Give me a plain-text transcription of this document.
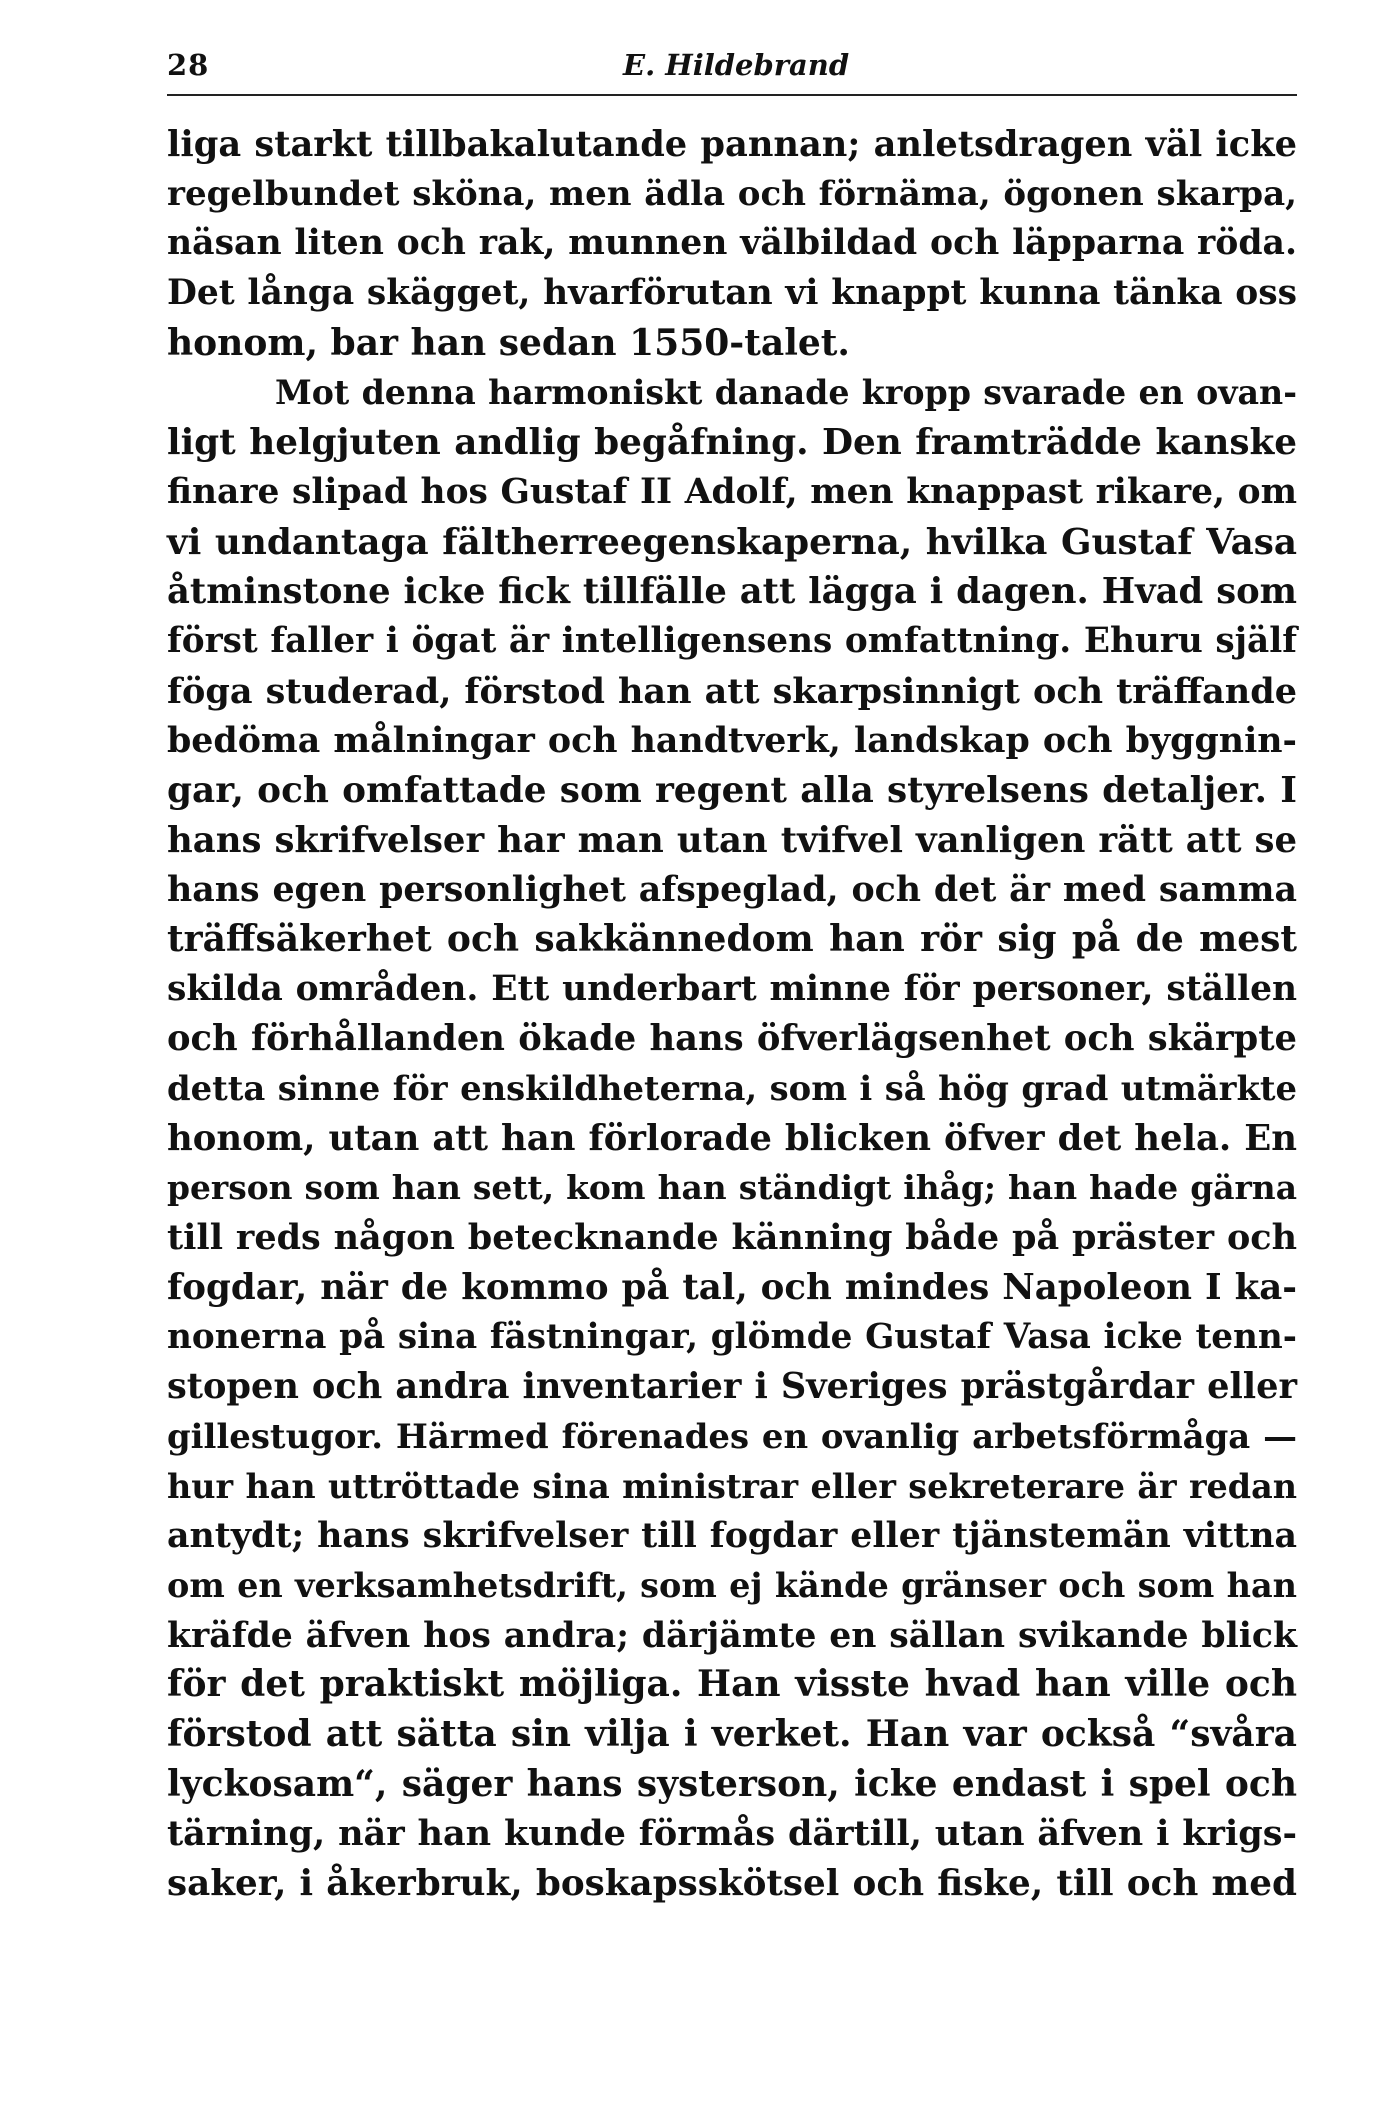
28	E. Hildebrand
liga starkt tillbakalutande pannan; anletsdragen väl icke
regelbundet sköna, men ädla och förnäma, ögonen skarpa,
näsan liten och rak, munnen välbildad och läpparna röda.
Det långa skägget, hvarförutan vi knappt kunna tänka oss
honom, bar han sedan 1550-talet.
Mot denna harmoniskt danade kropp svarade en ovan-
ligt helgjuten andlig begåfning. Den framträdde kanske
finare slipad hos Gustaf II Adolf, men knappast rikare, om
vi undantaga fältherreegenskaperna, hvilka Gustaf Vasa
åtminstone icke fick tillfälle att lägga i dagen. Hvad som
först faller i ögat är intelligensens omfattning. Ehuru själf
föga studerad, förstod han att skarpsinnigt och träffande
bedöma målningar och handtverk, landskap och byggnin-
gar, och omfattade som regent alla styrelsens detaljer. I
hans skrifvelser har man utan tvifvel vanligen rätt att se
hans egen personlighet afspeglad, och det är med samma
träffsäkerhet och sakkännedom han rör sig på de mest
skilda områden. Ett underbart minne för personer, ställen
och förhållanden ökade hans öfverlägsenhet och skärpte
detta sinne för enskildheterna, som i så hög grad utmärkte
honom, utan att han förlorade blicken öfver det hela. En
person som han sett, kom han ständigt ihåg; han hade gärna
till reds någon betecknande känning både på präster och
fogdar, när de kommo på tal, och mindes Napoleon I ka-
nonerna på sina fästningar, glömde Gustaf Vasa icke tenn-
stopen och andra inventarier i Sveriges prästgårdar eller
gillestugor. Härmed förenades en ovanlig arbetsförmåga —
hur han uttröttade sina ministrar eller sekreterare är redan
antydt; hans skrifvelser till fogdar eller tjänstemän vittna
om en verksamhetsdrift, som ej kände gränser och som han
kräfde äfven hos andra; därjämte en sällan svikande blick
för det praktiskt möjliga. Han visste hvad han ville och
förstod att sätta sin vilja i verket. Han var också “svåra
lyckosam“, säger hans systerson, icke endast i spel och
tärning, när han kunde förmås därtill, utan äfven i krigs-
saker, i åkerbruk, boskapsskötsel och fiske, till och med
